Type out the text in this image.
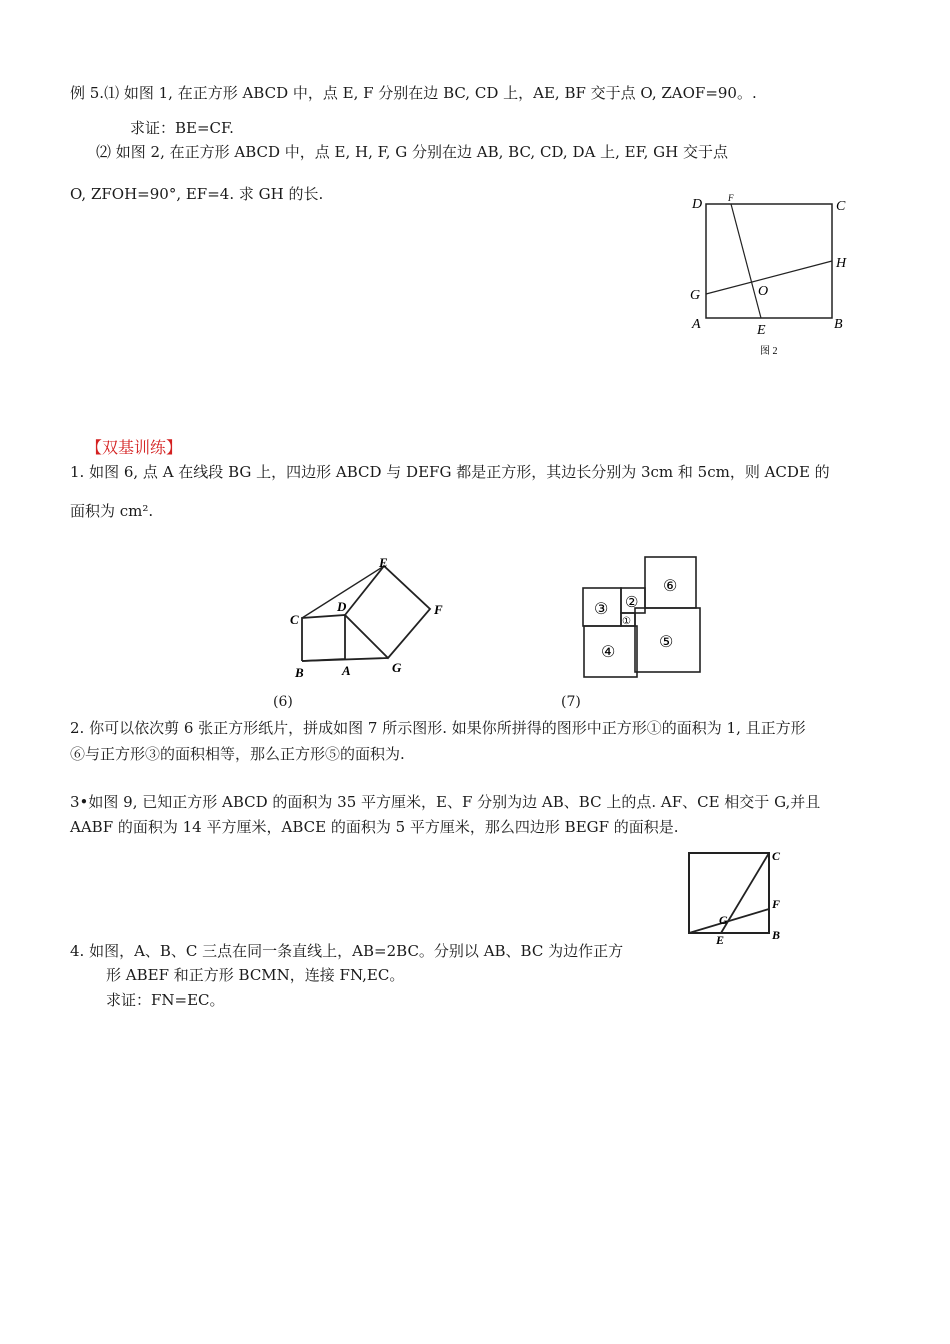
例 5.⑴ 如图 1, 在正方形 ABCD 中，点 E, F 分别在边 BC, CD 上，AE, BF 交于点 O, ZAOF=90。.
求证：BE=CF.
⑵ 如图 2, 在正方形 ABCD 中，点 E, H, F, G 分别在边 AB, BC, CD, DA 上, EF, GH 交于点
O, ZFOH=90°, EF=4. 求 GH 的长.
D	F
C
H
G	O
A	E	B
图 2
【双基训练】
1. 如图 6, 点 A 在线段 BG 上，四边形 ABCD 与 DEFG 都是正方形，其边长分别为 3cm 和 5cm，则 ACDE 的
面积为 cm².
E
D	F
C
B	A	G
(6)
③ ②
①
⑥
④
⑤
(7)
2. 你可以依次剪 6 张正方形纸片，拼成如图 7 所示图形. 如果你所拼得的图形中正方形①的面积为 1, 且正方形
⑥与正方形③的面积相等，那么正方形⑤的面积为.
3•如图 9, 已知正方形 ABCD 的面积为 35 平方厘米，E、F 分别为边 AB、BC 上的点. AF、CE 相交于 G,并且
AABF 的面积为 14 平方厘米，ABCE 的面积为 5 平方厘米，那么四边形 BEGF 的面积是.
C
F
G
E	B
4. 如图，A、B、C 三点在同一条直线上，AB=2BC。分别以 AB、BC 为边作正方
形 ABEF 和正方形 BCMN，连接 FN,EC。
求证：FN=EC。
